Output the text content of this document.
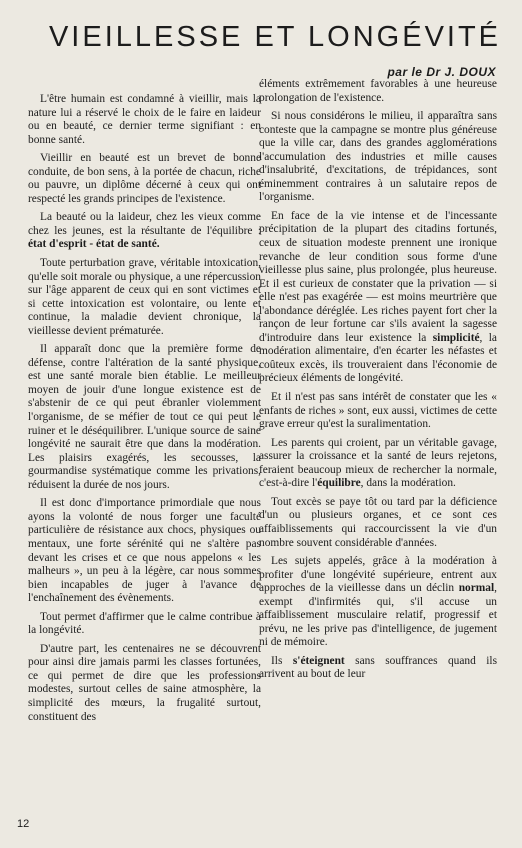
VIEILLESSE ET LONGÉVITÉ
par le Dr J. DOUX

L'être humain est condamné à vieillir, mais la nature lui a réservé le choix de le faire en laideur ou en beauté, ce dernier terme signifiant : en bonne santé.

Vieillir en beauté est un brevet de bonne conduite, de bon sens, à la portée de chacun, riche ou pauvre, un diplôme décerné à ceux qui ont respecté les grands principes de l'existence.

La beauté ou la laideur, chez les vieux comme chez les jeunes, est la résultante de l'équilibre : état d'esprit - état de santé.

Toute perturbation grave, véritable intoxication, qu'elle soit morale ou physique, a une répercussion sur l'âge apparent de ceux qui en sont victimes et si cette intoxication est volontaire, ou lente et continue, la maladie devient chronique, la vieillesse devient prématurée.

Il apparaît donc que la première forme de défense, contre l'altération de la santé physique, est une santé morale bien établie. Le meilleur moyen de jouir d'une longue existence est de s'abstenir de ce qui peut ébranler violemment l'organisme, de se méfier de tout ce qui peut le ruiner et le déséquilibrer. L'unique source de saine longévité ne saurait être que dans la modération. Les plaisirs exagérés, les secousses, la gourmandise systématique comme les privations, réduisent la durée de nos jours.

Il est donc d'importance primordiale que nous ayons la volonté de nous forger une faculté particulière de résistance aux chocs, physiques ou mentaux, une forte sérénité qui ne s'altère pas devant les crises et ce que nous appelons « les malheurs », un peu à la légère, car nous sommes bien incapables de juger à l'avance de l'enchaînement des évènements.

Tout permet d'affirmer que le calme contribue à la longévité.

D'autre part, les centenaires ne se découvrent pour ainsi dire jamais parmi les classes fortunées, ce qui permet de dire que les professions modestes, surtout celles de saine atmosphère, la simplicité des mœurs, la frugalité surtout, constituent des

éléments extrêmement favorables à une heureuse prolongation de l'existence.

Si nous considérons le milieu, il apparaîtra sans conteste que la campagne se montre plus généreuse que la ville car, dans des grandes agglomérations l'accumulation des industries et mille causes d'insalubrité, d'excitations, de trépidances, sont éminemment contraires à un salutaire repos de l'organisme.

En face de la vie intense et de l'incessante précipitation de la plupart des citadins fortunés, ceux de situation modeste prennent une ironique revanche de leur condition sous forme d'une vieillesse plus saine, plus prolongée, plus heureuse. Et il est curieux de constater que la privation — si elle n'est pas exagérée — est moins meurtrière que l'abondance déréglée. Les riches payent fort cher la rançon de leur fortune car s'ils avaient la sagesse d'introduire dans leur existence la simplicité, la modération alimentaire, d'en écarter les néfastes et coûteux excès, ils trouveraient dans l'économie de précieux éléments de longévité.

Et il n'est pas sans intérêt de constater que les « enfants de riches » sont, eux aussi, victimes de cette grave erreur qu'est la suralimentation.

Les parents qui croient, par un véritable gavage, assurer la croissance et la santé de leurs rejetons, feraient beaucoup mieux de rechercher la normale, c'est-à-dire l'équilibre, dans la modération.

Tout excès se paye tôt ou tard par la déficience d'un ou plusieurs organes, et ce sont ces affaiblissements qui raccourcissent la vie d'un nombre souvent considérable d'années.

Les sujets appelés, grâce à la modération à profiter d'une longévité supérieure, entrent aux approches de la vieillesse dans un déclin normal, exempt d'infirmités qui, s'il accuse un affaiblissement musculaire relatif, progressif et prévu, ne les prive pas d'intelligence, de jugement ni de mémoire.

Ils s'éteignent sans souffrances quand ils arrivent au bout de leur

12
